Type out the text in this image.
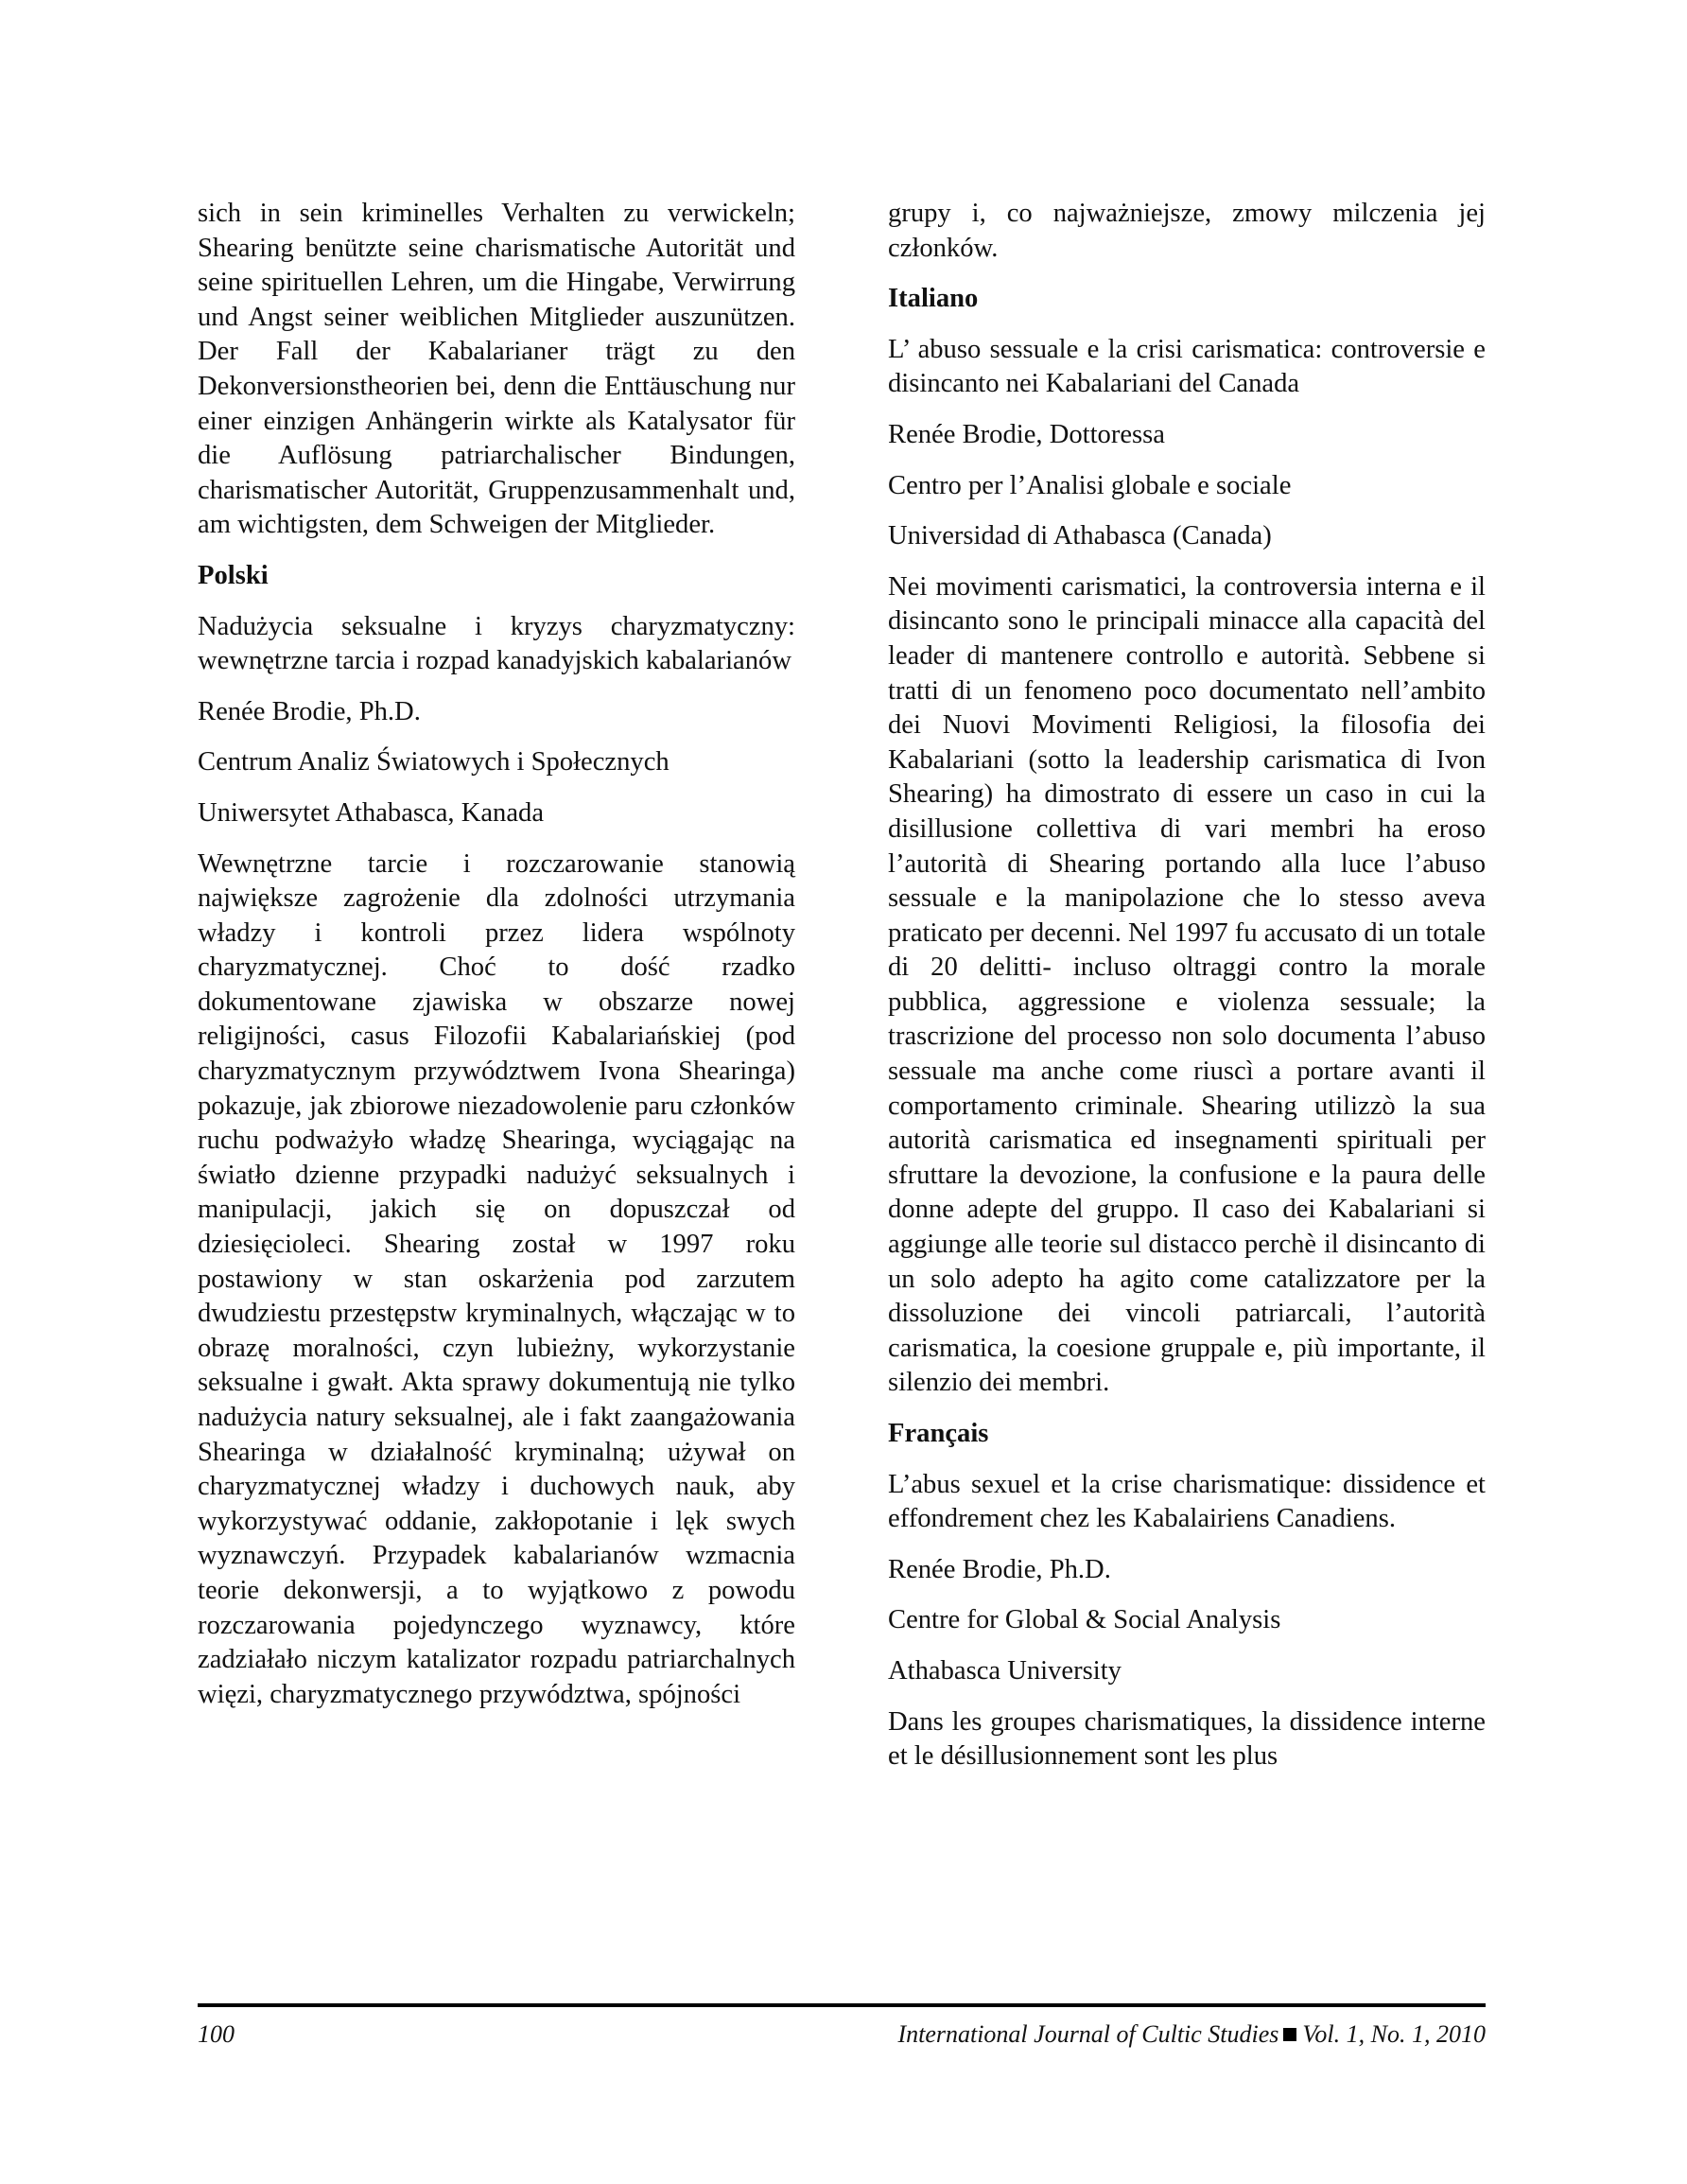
sich in sein kriminelles Verhalten zu verwickeln; Shearing benützte seine charismatische Autorität und seine spirituellen Lehren, um die Hingabe, Verwirrung und Angst seiner weiblichen Mitglieder auszunützen. Der Fall der Kabalarianer trägt zu den Dekonversionstheorien bei, denn die Enttäuschung nur einer einzigen Anhängerin wirkte als Katalysator für die Auflösung patriarchalischer Bindungen, charismatischer Autorität, Gruppenzusammenhalt und, am wichtigsten, dem Schweigen der Mitglieder.

Polski

Nadużycia seksualne i kryzys charyzmatyczny: wewnętrzne tarcia i rozpad kanadyjskich kabalarianów

Renée Brodie, Ph.D.

Centrum Analiz Światowych i Społecznych

Uniwersytet Athabasca, Kanada

Wewnętrzne tarcie i rozczarowanie stanowią największe zagrożenie dla zdolności utrzymania władzy i kontroli przez lidera wspólnoty charyzmatycznej. Choć to dość rzadko dokumentowane zjawiska w obszarze nowej religijności, casus Filozofii Kabalariańskiej (pod charyzmatycznym przywództwem Ivona Shearinga) pokazuje, jak zbiorowe niezadowolenie paru członków ruchu podważyło władzę Shearinga, wyciągając na światło dzienne przypadki nadużyć seksualnych i manipulacji, jakich się on dopuszczał od dziesięcioleci. Shearing został w 1997 roku postawiony w stan oskarżenia pod zarzutem dwudziestu przestępstw kryminalnych, włączając w to obrazę moralności, czyn lubieżny, wykorzystanie seksualne i gwałt. Akta sprawy dokumentują nie tylko nadużycia natury seksualnej, ale i fakt zaangażowania Shearinga w działalność kryminalną; używał on charyzmatycznej władzy i duchowych nauk, aby wykorzystywać oddanie, zakłopotanie i lęk swych wyznawczyń. Przypadek kabalarianów wzmacnia teorie dekonwersji, a to wyjątkowo z powodu rozczarowania pojedynczego wyznawcy, które zadziałało niczym katalizator rozpadu patriarchalnych więzi, charyzmatycznego przywództwa, spójności

grupy i, co najważniejsze, zmowy milczenia jej członków.

Italiano

L’ abuso sessuale e la crisi carismatica: controversie e disincanto nei Kabalariani del Canada

Renée Brodie, Dottoressa

Centro per l’Analisi globale e sociale

Universidad di Athabasca (Canada)

Nei movimenti carismatici, la controversia interna e il disincanto sono le principali minacce alla capacità del leader di mantenere controllo e autorità. Sebbene si tratti di un fenomeno poco documentato nell’ambito dei Nuovi Movimenti Religiosi, la filosofia dei Kabalariani (sotto la leadership carismatica di Ivon Shearing) ha dimostrato di essere un caso in cui la disillusione collettiva di vari membri ha eroso l’autorità di Shearing portando alla luce l’abuso sessuale e la manipolazione che lo stesso aveva praticato per decenni. Nel 1997 fu accusato di un totale di 20 delitti- incluso oltraggi contro la morale pubblica, aggressione e violenza sessuale; la trascrizione del processo non solo documenta l’abuso sessuale ma anche come riuscì a portare avanti il comportamento criminale. Shearing utilizzò la sua autorità carismatica ed insegnamenti spirituali per sfruttare la devozione, la confusione e la paura delle donne adepte del gruppo. Il caso dei Kabalariani si aggiunge alle teorie sul distacco perchè il disincanto di un solo adepto ha agito come catalizzatore per la dissoluzione dei vincoli patriarcali, l’autorità carismatica, la coesione gruppale e, più importante, il silenzio dei membri.

Français

L’abus sexuel et la crise charismatique: dissidence et effondrement chez les Kabalairiens Canadiens.

Renée Brodie, Ph.D.

Centre for Global & Social Analysis

Athabasca University

Dans les groupes charismatiques, la dissidence interne et le désillusionnement sont les plus

100	International Journal of Cultic Studies Vol. 1, No. 1, 2010
